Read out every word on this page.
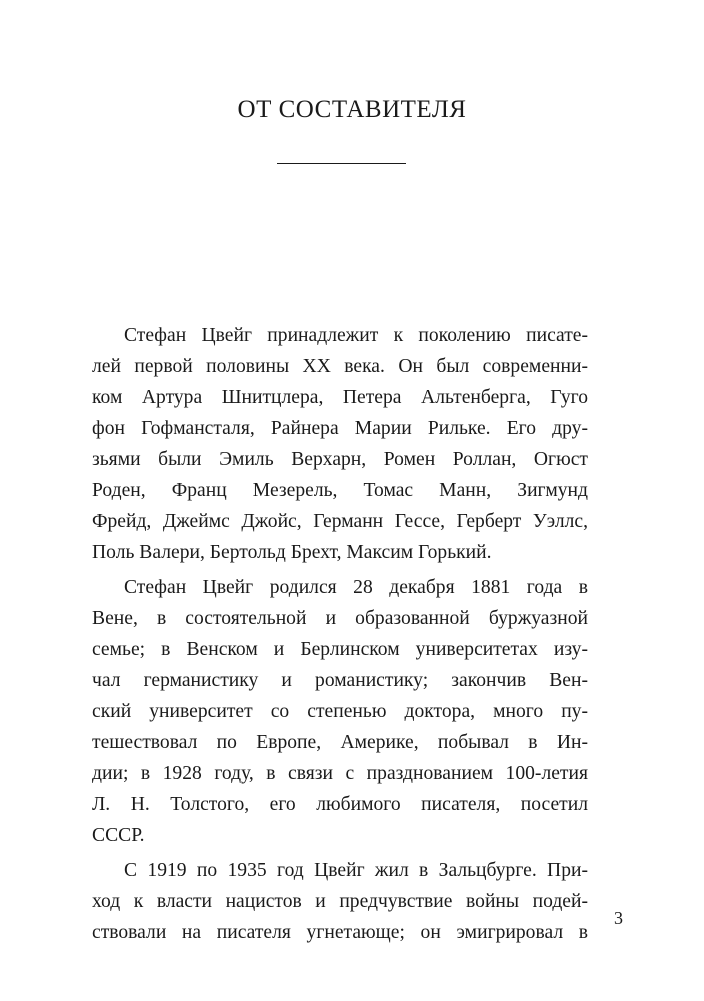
ОТ СОСТАВИТЕЛЯ
Стефан Цвейг принадлежит к поколению писате-
лей первой половины XX века. Он был современни-
ком Артура Шнитцлера, Петера Альтенберга, Гуго
фон Гофмансталя, Райнера Марии Рильке. Его дру-
зьями были Эмиль Верхарн, Ромен Роллан, Огюст
Роден, Франц Мезерель, Томас Манн, Зигмунд
Фрейд, Джеймс Джойс, Германн Гессе, Герберт Уэллс,
Поль Валери, Бертольд Брехт, Максим Горький.
Стефан Цвейг родился 28 декабря 1881 года в
Вене, в состоятельной и образованной буржуазной
семье; в Венском и Берлинском университетах изу-
чал германистику и романистику; закончив Вен-
ский университет со степенью доктора, много пу-
тешествовал по Европе, Америке, побывал в Ин-
дии; в 1928 году, в связи с празднованием 100-летия
Л. Н. Толстого, его любимого писателя, посетил
СССР.
С 1919 по 1935 год Цвейг жил в Зальцбурге. При-
ход к власти нацистов и предчувствие войны подей-
ствовали на писателя угнетающе; он эмигрировал в
3
